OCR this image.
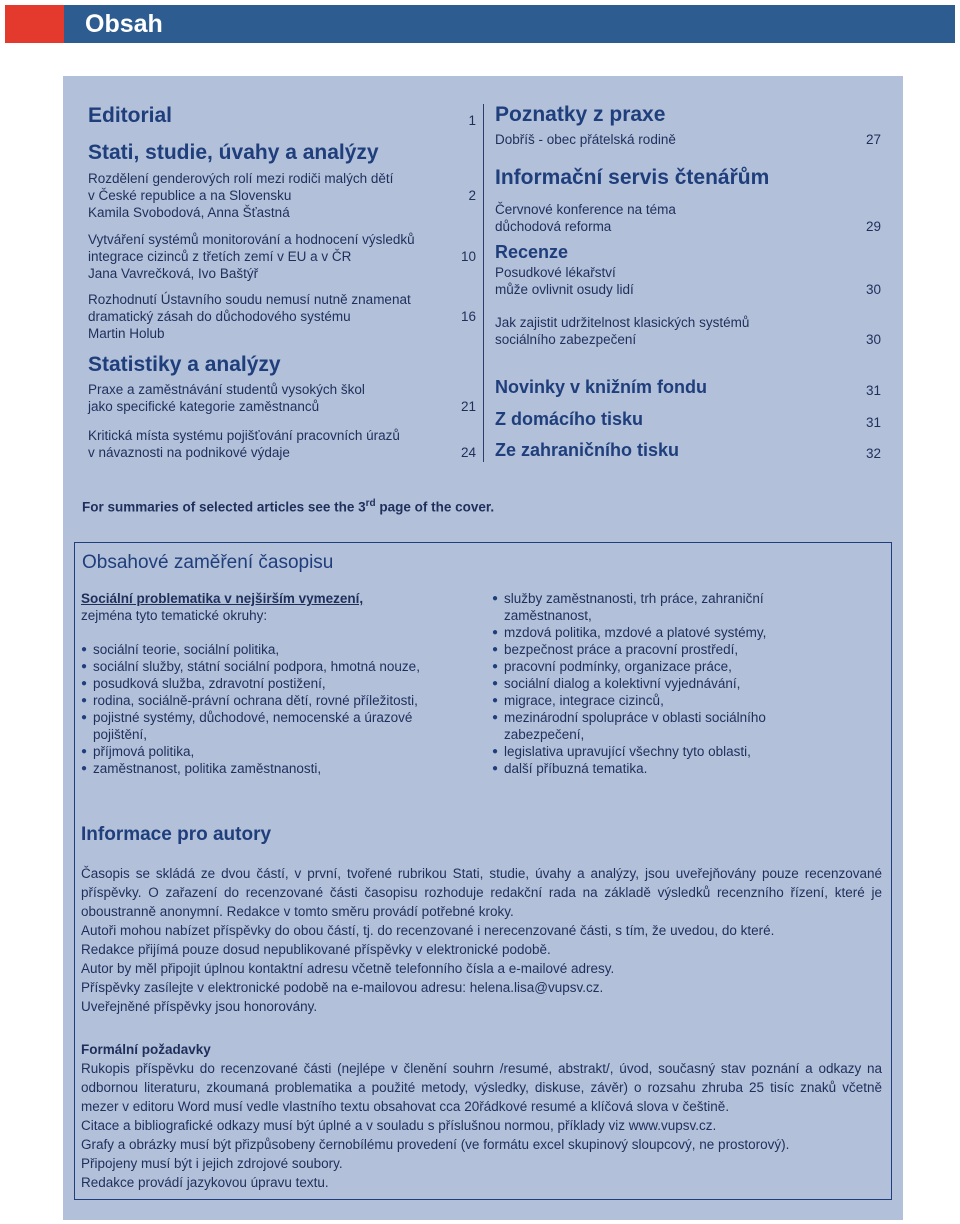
Obsah
Editorial	1
Stati, studie, úvahy a analýzy
Rozdělení genderových rolí mezi rodiči malých dětí
v České republice a na Slovensku	2
Kamila Svobodová, Anna Šťastná
Vytváření systémů monitorování a hodnocení výsledků
integrace cizinců z třetích zemí v EU a v ČR	10
Jana Vavrečková, Ivo Baštýř
Rozhodnutí Ústavního soudu nemusí nutně znamenat
dramatický zásah do důchodového systému	16
Martin Holub
Statistiky a analýzy
Praxe a zaměstnávání studentů vysokých škol
jako specifické kategorie zaměstnanců	21
Kritická místa systému pojišťování pracovních úrazů
v návaznosti na podnikové výdaje	24
Poznatky z praxe
Dobříš - obec přátelská rodině	27
Informační servis čtenářům
Červnové konference na téma
důchodová reforma	29
Recenze
Posudkové lékařství
může ovlivnit osudy lidí	30
Jak zajistit udržitelnost klasických systémů
sociálního zabezpečení	30
Novinky v knižním fondu	31
Z domácího tisku	31
Ze zahraničního tisku	32
For summaries of selected articles see the 3rd page of the cover.
Obsahové zaměření časopisu
Sociální problematika v nejširším vymezení,
zejména tyto tematické okruhy:
● sociální teorie, sociální politika,
● sociální služby, státní sociální podpora, hmotná nouze,
● posudková služba, zdravotní postižení,
● rodina, sociálně-právní ochrana dětí, rovné příležitosti,
● pojistné systémy, důchodové, nemocenské a úrazové pojištění,
● příjmová politika,
● zaměstnanost, politika zaměstnanosti,
● služby zaměstnanosti, trh práce, zahraniční zaměstnanost,
● mzdová politika, mzdové a platové systémy,
● bezpečnost práce a pracovní prostředí,
● pracovní podmínky, organizace práce,
● sociální dialog a kolektivní vyjednávání,
● migrace, integrace cizinců,
● mezinárodní spolupráce v oblasti sociálního zabezpečení,
● legislativa upravující všechny tyto oblasti,
● další příbuzná tematika.
Informace pro autory

Časopis se skládá ze dvou částí, v první, tvořené rubrikou Stati, studie, úvahy a analýzy, jsou uveřejňovány pouze recenzované příspěvky. O zařazení do recenzované části časopisu rozhoduje redakční rada na základě výsledků recenzního řízení, které je oboustranně anonymní. Redakce v tomto směru provádí potřebné kroky.

Autoři mohou nabízet příspěvky do obou částí, tj. do recenzované i nerecenzované části, s tím, že uvedou, do které.

Redakce přijímá pouze dosud nepublikované příspěvky v elektronické podobě.

Autor by měl připojit úplnou kontaktní adresu včetně telefonního čísla a e-mailové adresy.

Příspěvky zasílejte v elektronické podobě na e-mailovou adresu: helena.lisa@vupsv.cz.

Uveřejněné příspěvky jsou honorovány.

Formální požadavky

Rukopis příspěvku do recenzované části (nejlépe v členění souhrn /resumé, abstrakt/, úvod, současný stav poznání a odkazy na odbornou literaturu, zkoumaná problematika a použité metody, výsledky, diskuse, závěr) o rozsahu zhruba 25 tisíc znaků včetně mezer v editoru Word musí vedle vlastního textu obsahovat cca 20řádkové resumé a klíčová slova v češtině.

Citace a bibliografické odkazy musí být úplné a v souladu s příslušnou normou, příklady viz www.vupsv.cz.

Grafy a obrázky musí být přizpůsobeny černobílému provedení (ve formátu excel skupinový sloupcový, ne prostorový).

Připojeny musí být i jejich zdrojové soubory.

Redakce provádí jazykovou úpravu textu.
